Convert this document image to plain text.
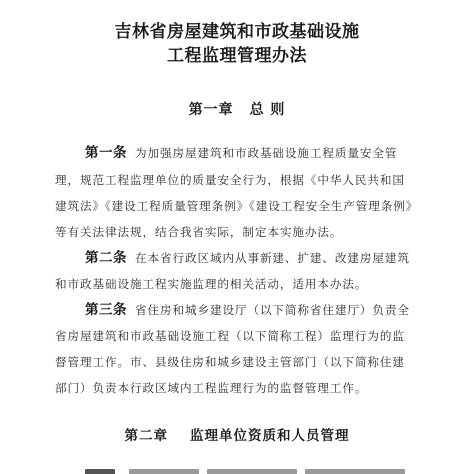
吉林省房屋建筑和市政基础设施
工程监理管理办法
第一章 总 则
第一条 为加强房屋建筑和市政基础设施工程质量安全管
理，规范工程监理单位的质量安全行为，根据《中华人民共和国
建筑法》《建设工程质量管理条例》《建设工程安全生产管理条例》
等有关法律法规，结合我省实际，制定本实施办法。
第二条 在本省行政区域内从事新建、扩建、改建房屋建筑
和市政基础设施工程实施监理的相关活动，适用本办法。
第三条 省住房和城乡建设厅（以下简称省住建厅）负责全
省房屋建筑和市政基础设施工程（以下简称工程）监理行为的监
督管理工作。市、县级住房和城乡建设主管部门（以下简称住建
部门）负责本行政区域内工程监理行为的监督管理工作。
第二章 监理单位资质和人员管理
